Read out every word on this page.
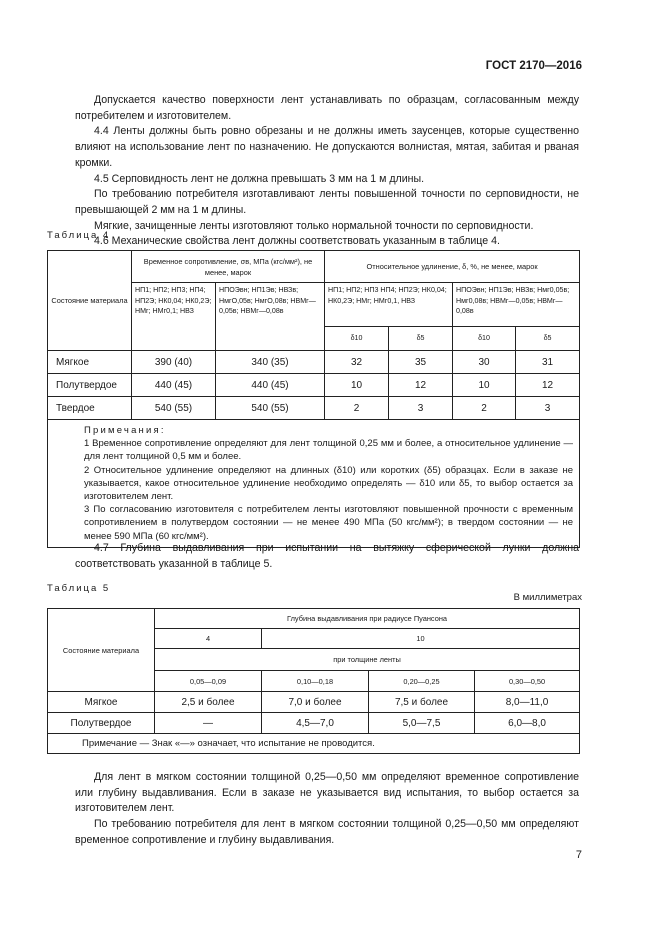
ГОСТ 2170—2016
Допускается качество поверхности лент устанавливать по образцам, согласованным между потребителем и изготовителем.
4.4 Ленты должны быть ровно обрезаны и не должны иметь заусенцев, которые существенно влияют на использование лент по назначению. Не допускаются волнистая, мятая, забитая и рваная кромки.
4.5 Серповидность лент не должна превышать 3 мм на 1 м длины.
По требованию потребителя изготавливают ленты повышенной точности по серповидности, не превышающей 2 мм на 1 м длины.
Мягкие, зачищенные ленты изготовляют только нормальной точности по серповидности.
4.6 Механические свойства лент должны соответствовать указанным в таблице 4.
Таблица 4
Состояние материала	Временное сопротивление, σв, МПа (кгс/мм²), не менее, марок		Относительное удлинение, δ, %, не менее, марок			
	НП1; НП2; НП3; НП4; НП2Э; НК0,04; НК0,2Э; НМг; НМг0,1; НВЗ	НПОЭвн; НП1Эв; НВЗв; НмгО,05в; НмгО,08в; НВМг—0,05в; НВМг—0,08в	НП1; НП2; НП3 НП4; НП2Э; НК0,04; НК0,2Э; НМг; НМг0,1, НВЗ		НПОЭвн; НП1Эв; НВЗв; Нмг0,05в; Нмг0,08в; НВМг—0,05в; НВМг—0,08в	
			δ10	δ5	δ10	δ5
Мягкое	390 (40)	340 (35)	32	35	30	31
Полутвердое	440 (45)	440 (45)	10	12	10	12
Твердое	540 (55)	540 (55)	2	3	2	3

Примечания:

1 Временное сопротивление определяют для лент толщиной 0,25 мм и более, а относительное удлинение — для лент толщиной 0,5 мм и более.

2 Относительное удлинение определяют на длинных (δ10) или коротких (δ5) образцах. Если в заказе не указывается, какое относительное удлинение необходимо определять — δ10 или δ5, то выбор остается за изготовителем лент.

3 По согласованию изготовителя с потребителем ленты изготовляют повышенной прочности с временным сопротивлением в полутвердом состоянии — не менее 490 МПа (50 кгс/мм²); в твердом состоянии — не менее 590 МПа (60 кгс/мм²).						

4.7 Глубина выдавливания при испытании на вытяжку сферической лунки должна соответствовать указанной в таблице 5.
Таблица 5
В миллиметрах
Состояние материала	Глубина выдавливания при радиусе Пуансона			
	4	10		
	при толщине ленты			
	0,05—0,09	0,10—0,18	0,20—0,25	0,30—0,50
Мягкое	2,5 и более	7,0 и более	7,5 и более	8,0—11,0
Полутвердое	—	4,5—7,0	5,0—7,5	6,0—8,0
Примечание — Знак «—» означает, что испытание не проводится.				
Для лент в мягком состоянии толщиной 0,25—0,50 мм определяют временное сопротивление или глубину выдавливания. Если в заказе не указывается вид испытания, то выбор остается за изготовителем лент.
По требованию потребителя для лент в мягком состоянии толщиной 0,25—0,50 мм определяют временное сопротивление и глубину выдавливания.
7
